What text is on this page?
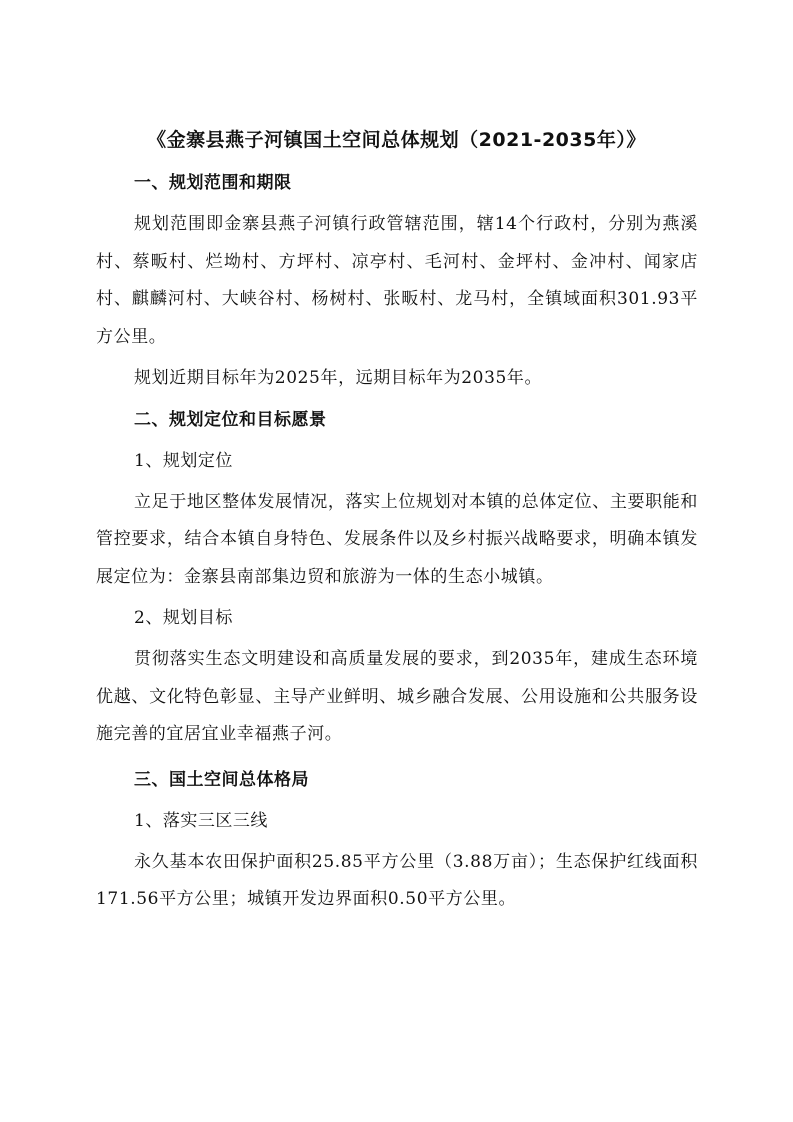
《金寨县燕子河镇国土空间总体规划（2021-2035年）》
一、规划范围和期限

规划范围即金寨县燕子河镇行政管辖范围，辖14个行政村，分别为燕溪村、蔡畈村、烂坳村、方坪村、凉亭村、毛河村、金坪村、金冲村、闻家店村、麒麟河村、大峡谷村、杨树村、张畈村、龙马村，全镇域面积301.93平方公里。

规划近期目标年为2025年，远期目标年为2035年。

二、规划定位和目标愿景
1、规划定位

立足于地区整体发展情况，落实上位规划对本镇的总体定位、主要职能和管控要求，结合本镇自身特色、发展条件以及乡村振兴战略要求，明确本镇发展定位为：金寨县南部集边贸和旅游为一体的生态小城镇。

2、规划目标

贯彻落实生态文明建设和高质量发展的要求，到2035年，建成生态环境优越、文化特色彰显、主导产业鲜明、城乡融合发展、公用设施和公共服务设施完善的宜居宜业幸福燕子河。

三、国土空间总体格局
1、落实三区三线

永久基本农田保护面积25.85平方公里（3.88万亩）；生态保护红线面积171.56平方公里；城镇开发边界面积0.50平方公里。
